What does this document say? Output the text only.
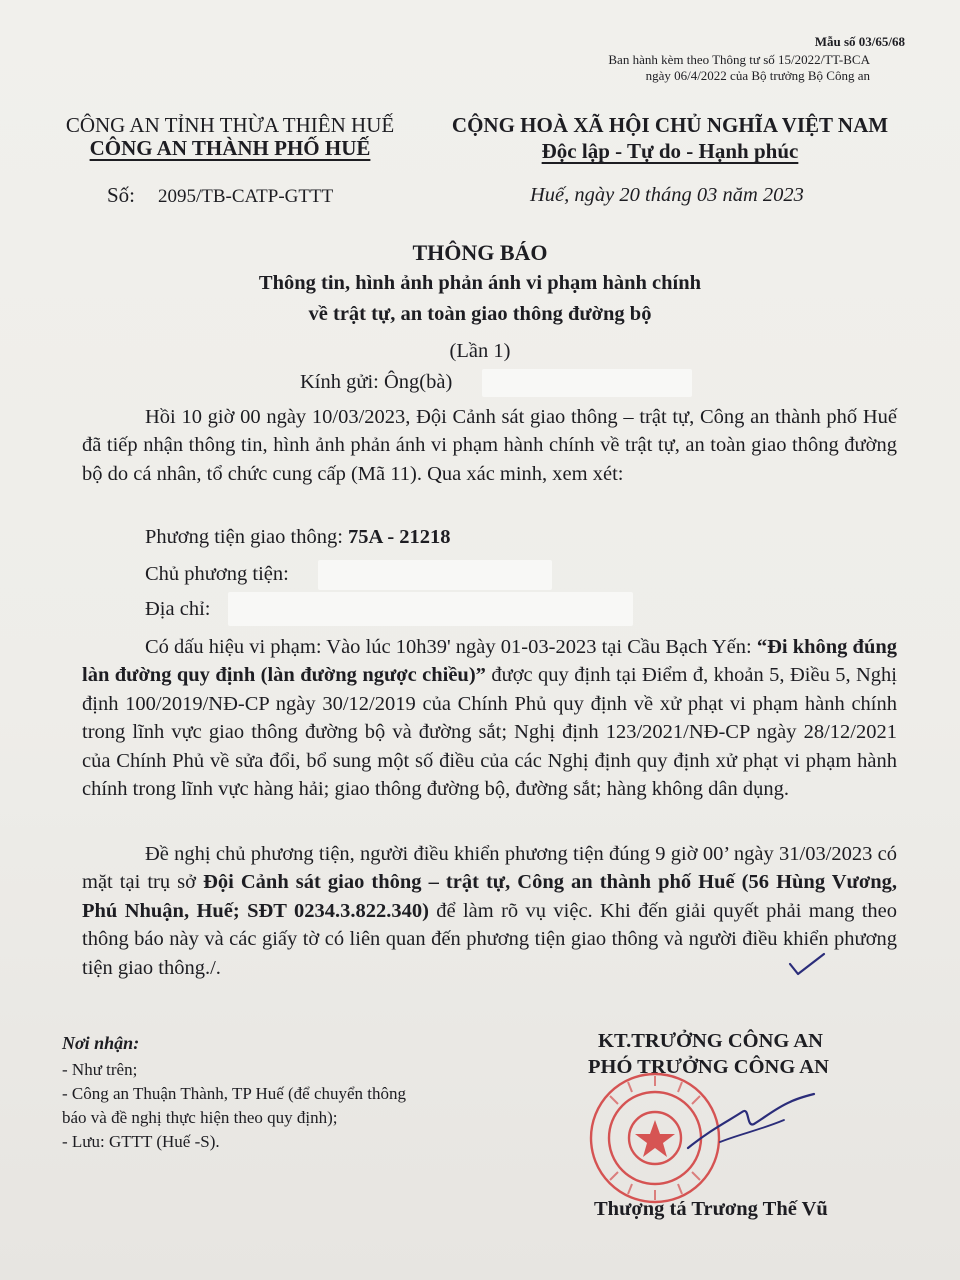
Mẫu số 03/65/68
Ban hành kèm theo Thông tư số 15/2022/TT-BCA
ngày 06/4/2022 của Bộ trưởng Bộ Công an
CÔNG AN TỈNH THỪA THIÊN HUẾ
CÔNG AN THÀNH PHỐ HUẾ
Số: 2095/TB-CATP-GTTT
CỘNG HOÀ XÃ HỘI CHỦ NGHĨA VIỆT NAM
Độc lập - Tự do - Hạnh phúc
Huế, ngày 20 tháng 03 năm 2023
THÔNG BÁO
Thông tin, hình ảnh phản ánh vi phạm hành chính
về trật tự, an toàn giao thông đường bộ
(Lần 1)
Kính gửi: Ông(bà)
Hồi 10 giờ 00 ngày 10/03/2023, Đội Cảnh sát giao thông – trật tự, Công an thành phố Huế đã tiếp nhận thông tin, hình ảnh phản ánh vi phạm hành chính về trật tự, an toàn giao thông đường bộ do cá nhân, tổ chức cung cấp (Mã 11). Qua xác minh, xem xét:
Phương tiện giao thông: 75A - 21218
Chủ phương tiện:
Địa chỉ:
Có dấu hiệu vi phạm: Vào lúc 10h39' ngày 01-03-2023 tại Cầu Bạch Yến: “Đi không đúng làn đường quy định (làn đường ngược chiều)” được quy định tại Điểm đ, khoản 5, Điều 5, Nghị định 100/2019/NĐ-CP ngày 30/12/2019 của Chính Phủ quy định về xử phạt vi phạm hành chính trong lĩnh vực giao thông đường bộ và đường sắt; Nghị định 123/2021/NĐ-CP ngày 28/12/2021 của Chính Phủ về sửa đổi, bổ sung một số điều của các Nghị định quy định xử phạt vi phạm hành chính trong lĩnh vực hàng hải; giao thông đường bộ, đường sắt; hàng không dân dụng.
Đề nghị chủ phương tiện, người điều khiển phương tiện đúng 9 giờ 00’ ngày 31/03/2023 có mặt tại trụ sở Đội Cảnh sát giao thông – trật tự, Công an thành phố Huế (56 Hùng Vương, Phú Nhuận, Huế; SĐT 0234.3.822.340) để làm rõ vụ việc. Khi đến giải quyết phải mang theo thông báo này và các giấy tờ có liên quan đến phương tiện giao thông và người điều khiển phương tiện giao thông./.
Nơi nhận:
- Như trên;
- Công an Thuận Thành, TP Huế (để chuyển thông
báo và đề nghị thực hiện theo quy định);
- Lưu: GTTT (Huế -S).
KT.TRƯỞNG CÔNG AN
PHÓ TRƯỞNG CÔNG AN
Thượng tá Trương Thế Vũ
